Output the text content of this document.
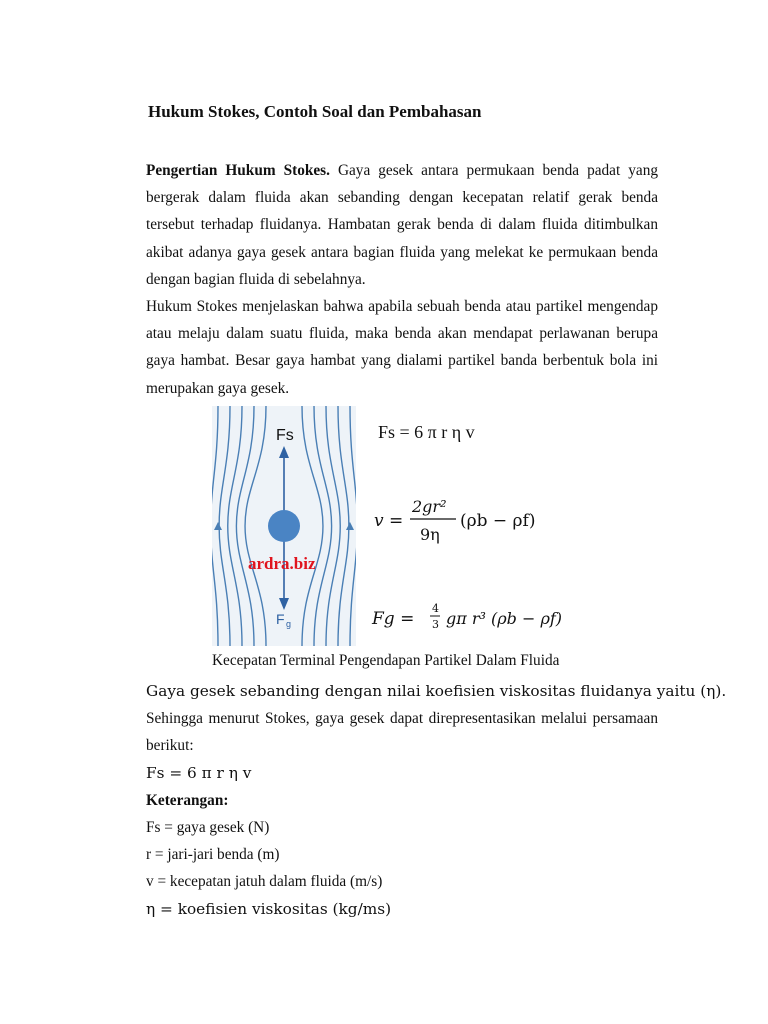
Hukum Stokes, Contoh Soal dan Pembahasan

Pengertian Hukum Stokes. Gaya gesek antara permukaan benda padat yang bergerak dalam fluida akan sebanding dengan kecepatan relatif gerak benda tersebut terhadap fluidanya. Hambatan gerak benda di dalam fluida ditimbulkan akibat adanya gaya gesek antara bagian fluida yang melekat ke permukaan benda dengan bagian fluida di sebelahnya.

Hukum Stokes menjelaskan bahwa apabila sebuah benda atau partikel mengendap atau melaju dalam suatu fluida, maka benda akan mendapat perlawanan berupa gaya hambat. Besar gaya hambat yang dialami partikel banda berbentuk bola ini merupakan gaya gesek.

Fs
F g
ardra.biz
Fs = 6 π r η v
v =
2gr²
9η
(ρb − ρf)
Fg =
4
3 gπ r³ (ρb − ρf)
Kecepatan Terminal Pengendapan Partikel Dalam Fluida

Gaya gesek sebanding dengan nilai koefisien viskositas fluidanya yaitu (η).

Sehingga menurut Stokes, gaya gesek dapat direpresentasikan melalui persamaan berikut:

Fs = 6 π r η v

Keterangan:

Fs = gaya gesek (N)

r = jari-jari benda (m)

v = kecepatan jatuh dalam fluida (m/s)

η = koefisien viskositas (kg/ms)
